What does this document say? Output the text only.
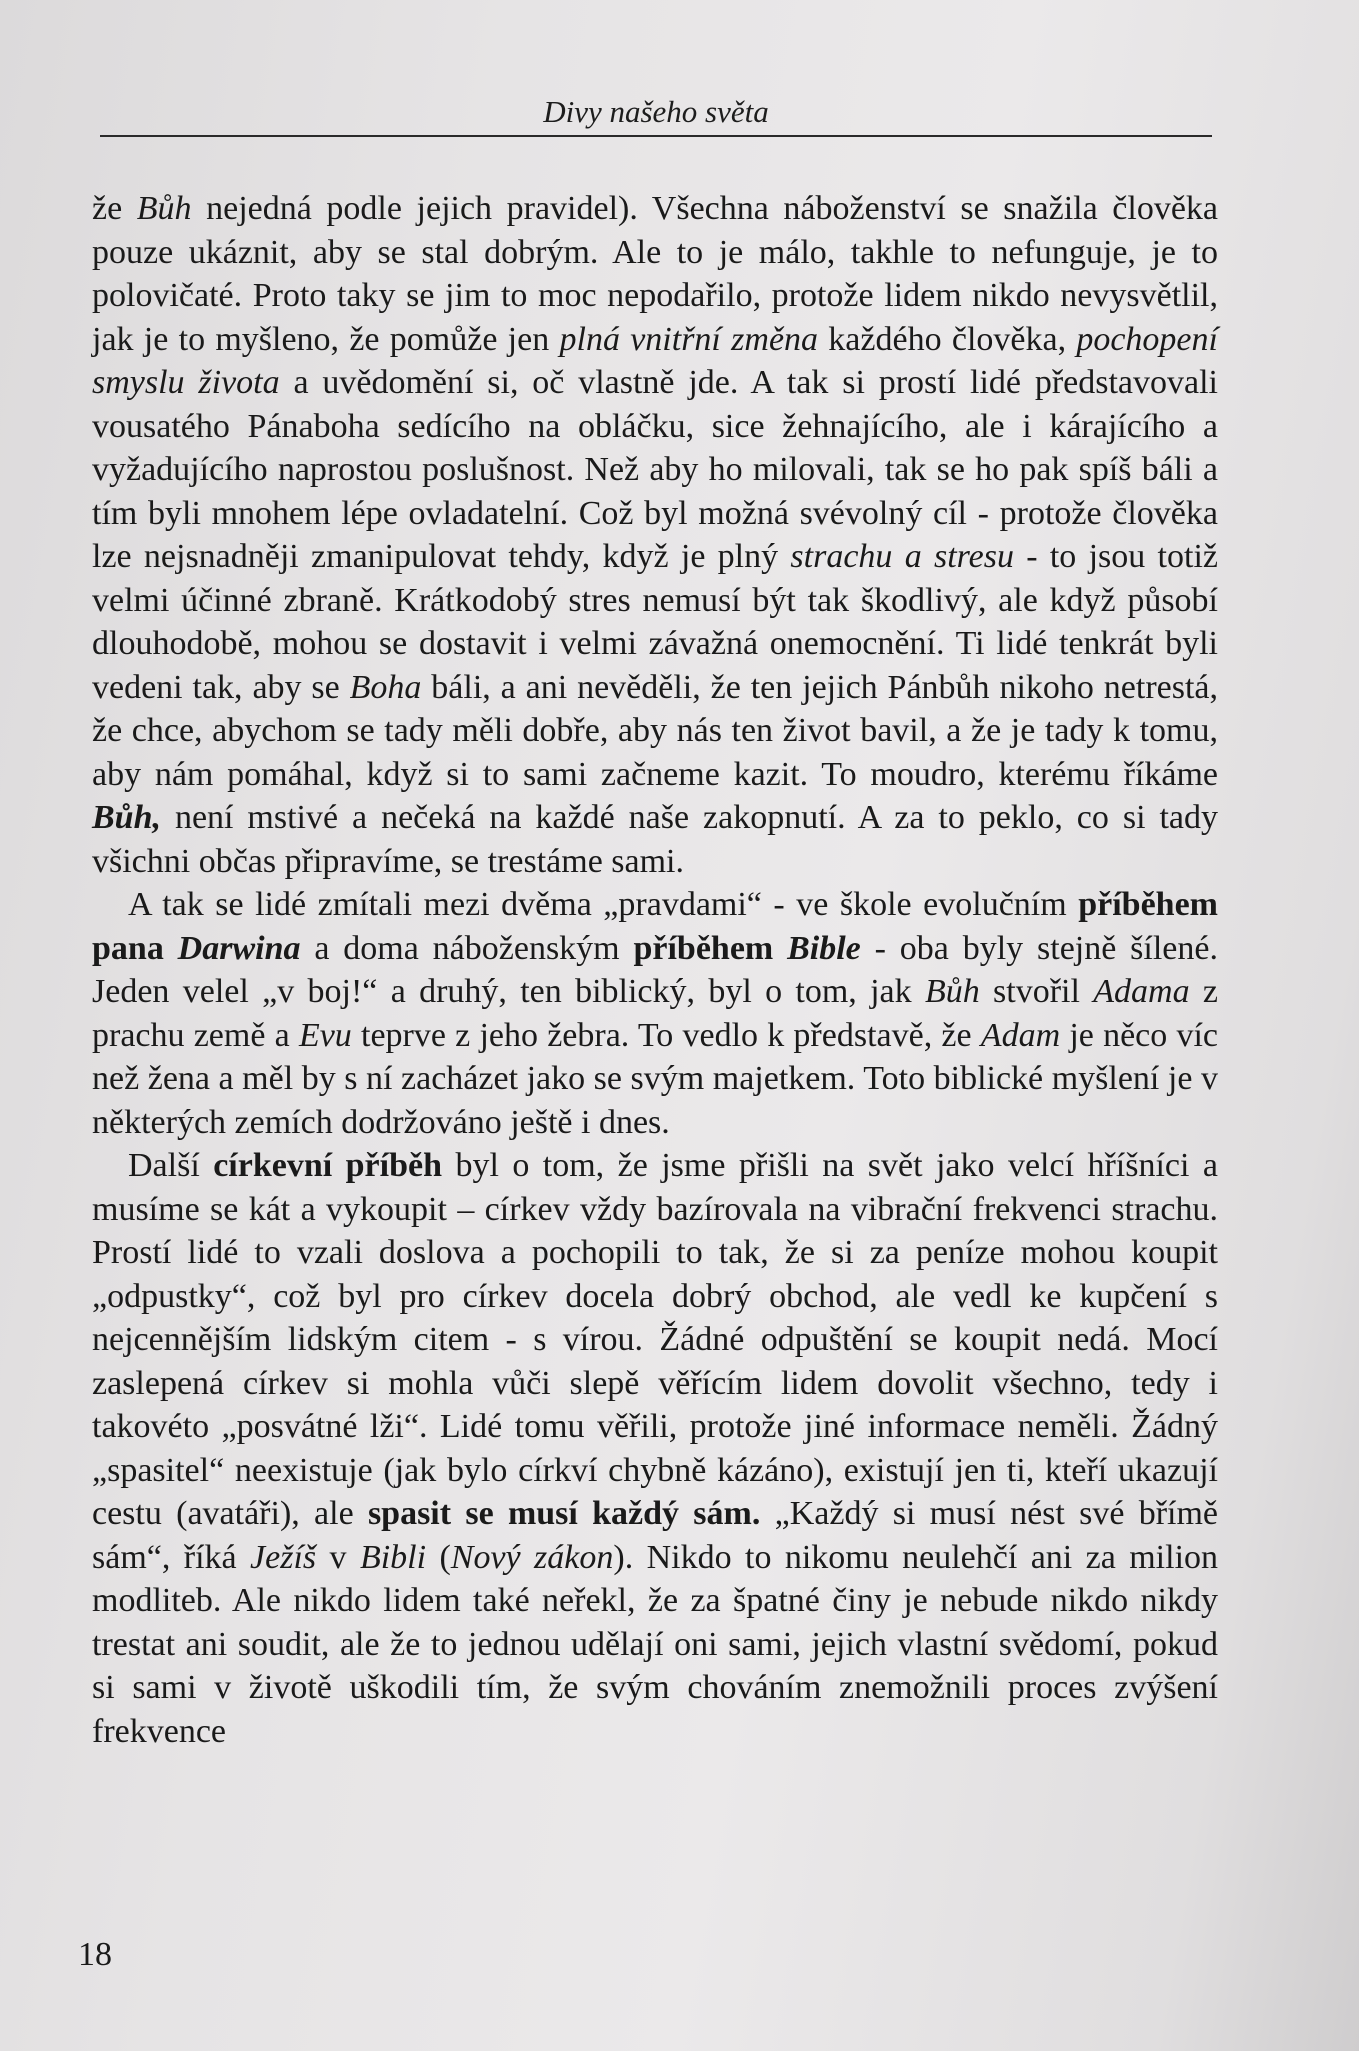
Divy našeho světa

že Bůh nejedná podle jejich pravidel). Všechna náboženství se snažila člověka pouze ukáznit, aby se stal dobrým. Ale to je málo, takhle to nefunguje, je to polovičaté. Proto taky se jim to moc nepodařilo, protože lidem nikdo nevysvětlil, jak je to myšleno, že pomůže jen plná vnitřní změna každého člověka, pochopení smyslu života a uvědomění si, oč vlastně jde. A tak si prostí lidé představovali vousatého Pánaboha sedícího na obláčku, sice žehnajícího, ale i kárajícího a vyžadujícího naprostou poslušnost. Než aby ho milovali, tak se ho pak spíš báli a tím byli mnohem lépe ovladatelní. Což byl možná svévolný cíl - protože člověka lze nejsnadněji zmanipulovat tehdy, když je plný strachu a stresu - to jsou totiž velmi účinné zbraně. Krátkodobý stres nemusí být tak škodlivý, ale když působí dlouhodobě, mohou se dostavit i velmi závažná onemocnění. Ti lidé tenkrát byli vedeni tak, aby se Boha báli, a ani nevěděli, že ten jejich Pánbůh nikoho netrestá, že chce, abychom se tady měli dobře, aby nás ten život bavil, a že je tady k tomu, aby nám pomáhal, když si to sami začneme kazit. To moudro, kterému říkáme Bůh, není mstivé a nečeká na každé naše zakopnutí. A za to peklo, co si tady všichni občas připravíme, se trestáme sami.

A tak se lidé zmítali mezi dvěma „pravdami“ - ve škole evolučním příběhem pana Darwina a doma náboženským příběhem Bible - oba byly stejně šílené. Jeden velel „v boj!“ a druhý, ten biblický, byl o tom, jak Bůh stvořil Adama z prachu země a Evu teprve z jeho žebra. To vedlo k představě, že Adam je něco víc než žena a měl by s ní zacházet jako se svým majetkem. Toto biblické myšlení je v některých zemích dodržováno ještě i dnes.

Další církevní příběh byl o tom, že jsme přišli na svět jako velcí hříšníci a musíme se kát a vykoupit – církev vždy bazírovala na vibrační frekvenci strachu. Prostí lidé to vzali doslova a pochopili to tak, že si za peníze mohou koupit „odpustky“, což byl pro církev docela dobrý obchod, ale vedl ke kupčení s nejcennějším lidským citem - s vírou. Žádné odpuštění se koupit nedá. Mocí zaslepená církev si mohla vůči slepě věřícím lidem dovolit všechno, tedy i takovéto „posvátné lži“. Lidé tomu věřili, protože jiné informace neměli. Žádný „spasitel“ neexistuje (jak bylo církví chybně kázáno), existují jen ti, kteří ukazují cestu (avatáři), ale spasit se musí každý sám. „Každý si musí nést své břímě sám“, říká Ježíš v Bibli (Nový zákon). Nikdo to nikomu neulehčí ani za milion modliteb. Ale nikdo lidem také neřekl, že za špatné činy je nebude nikdo nikdy trestat ani soudit, ale že to jednou udělají oni sami, jejich vlastní svědomí, pokud si sami v životě uškodili tím, že svým chováním znemožnili proces zvýšení frekvence

18
